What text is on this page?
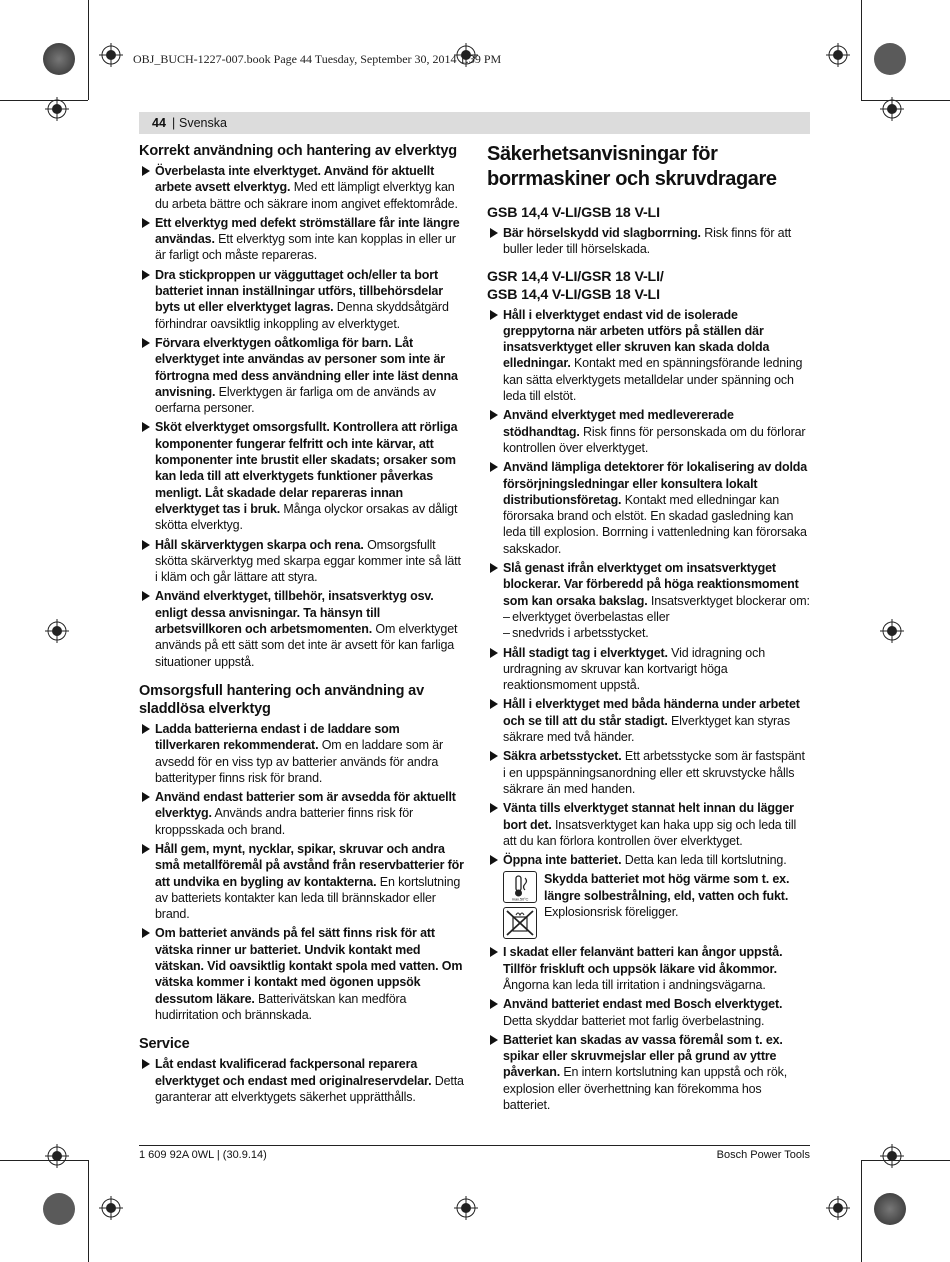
OBJ_BUCH-1227-007.book Page 44 Tuesday, September 30, 2014 1:39 PM
44 | Svenska
Korrekt användning och hantering av elverktyg
Överbelasta inte elverktyget. Använd för aktuellt arbete avsett elverktyg. Med ett lämpligt elverktyg kan du arbeta bättre och säkrare inom angivet effektområde.
Ett elverktyg med defekt strömställare får inte längre användas. Ett elverktyg som inte kan kopplas in eller ur är farligt och måste repareras.
Dra stickproppen ur vägguttaget och/eller ta bort batteriet innan inställningar utförs, tillbehörsdelar byts ut eller elverktyget lagras. Denna skyddsåtgärd förhindrar oavsiktlig inkoppling av elverktyget.
Förvara elverktygen oåtkomliga för barn. Låt elverktyget inte användas av personer som inte är förtrogna med dess användning eller inte läst denna anvisning. Elverktygen är farliga om de används av oerfarna personer.
Sköt elverktyget omsorgsfullt. Kontrollera att rörliga komponenter fungerar felfritt och inte kärvar, att komponenter inte brustit eller skadats; orsaker som kan leda till att elverktygets funktioner påverkas menligt. Låt skadade delar repareras innan elverktyget tas i bruk. Många olyckor orsakas av dåligt skötta elverktyg.
Håll skärverktygen skarpa och rena. Omsorgsfullt skötta skärverktyg med skarpa eggar kommer inte så lätt i kläm och går lättare att styra.
Använd elverktyget, tillbehör, insatsverktyg osv. enligt dessa anvisningar. Ta hänsyn till arbetsvillkoren och arbetsmomenten. Om elverktyget används på ett sätt som det inte är avsett för kan farliga situationer uppstå.
Omsorgsfull hantering och användning av sladdlösa elverktyg
Ladda batterierna endast i de laddare som tillverkaren rekommenderat. Om en laddare som är avsedd för en viss typ av batterier används för andra batterityper finns risk för brand.
Använd endast batterier som är avsedda för aktuellt elverktyg. Används andra batterier finns risk för kroppsskada och brand.
Håll gem, mynt, nycklar, spikar, skruvar och andra små metallföremål på avstånd från reservbatterier för att undvika en bygling av kontakterna. En kortslutning av batteriets kontakter kan leda till brännskador eller brand.
Om batteriet används på fel sätt finns risk för att vätska rinner ur batteriet. Undvik kontakt med vätskan. Vid oavsiktlig kontakt spola med vatten. Om vätska kommer i kontakt med ögonen uppsök dessutom läkare. Batterivätskan kan medföra hudirritation och brännskada.
Service
Låt endast kvalificerad fackpersonal reparera elverktyget och endast med originalreservdelar. Detta garanterar att elverktygets säkerhet upprätthålls.
Säkerhetsanvisningar för borrmaskiner och skruvdragare
GSB 14,4 V-LI/GSB 18 V-LI
Bär hörselskydd vid slagborrning. Risk finns för att buller leder till hörselskada.
GSR 14,4 V-LI/GSR 18 V-LI/ GSB 14,4 V-LI/GSB 18 V-LI
Håll i elverktyget endast vid de isolerade greppytorna när arbeten utförs på ställen där insatsverktyget eller skruven kan skada dolda elledningar. Kontakt med en spänningsförande ledning kan sätta elverktygets metalldelar under spänning och leda till elstöt.
Använd elverktyget med medlevererade stödhandtag. Risk finns för personskada om du förlorar kontrollen över elverktyget.
Använd lämpliga detektorer för lokalisering av dolda försörjningsledningar eller konsultera lokalt distributionsföretag. Kontakt med elledningar kan förorsaka brand och elstöt. En skadad gasledning kan leda till explosion. Borrning i vattenledning kan förorsaka sakskador.
Slå genast ifrån elverktyget om insatsverktyget blockerar. Var förberedd på höga reaktionsmoment som kan orsaka bakslag. Insatsverktyget blockerar om:
– elverktyget överbelastas eller
– snedvrids i arbetsstycket.
Håll stadigt tag i elverktyget. Vid idragning och urdragning av skruvar kan kortvarigt höga reaktionsmoment uppstå.
Håll i elverktyget med båda händerna under arbetet och se till att du står stadigt. Elverktyget kan styras säkrare med två händer.
Säkra arbetsstycket. Ett arbetsstycke som är fastspänt i en uppspänningsanordning eller ett skruvstycke hålls säkrare än med handen.
Vänta tills elverktyget stannat helt innan du lägger bort det. Insatsverktyget kan haka upp sig och leda till att du kan förlora kontrollen över elverktyget.
Öppna inte batteriet. Detta kan leda till kortslutning.
max.50°C
Skydda batteriet mot hög värme som t. ex. längre solbestrålning, eld, vatten och fukt. Explosionsrisk föreligger.
I skadat eller felanvänt batteri kan ångor uppstå. Tillför friskluft och uppsök läkare vid åkommor. Ångorna kan leda till irritation i andningsvägarna.
Använd batteriet endast med Bosch elverktyget. Detta skyddar batteriet mot farlig överbelastning.
Batteriet kan skadas av vassa föremål som t. ex. spikar eller skruvmejslar eller på grund av yttre påverkan. En intern kortslutning kan uppstå och rök, explosion eller överhettning kan förekomma hos batteriet.
1 609 92A 0WL | (30.9.14)	Bosch Power Tools
